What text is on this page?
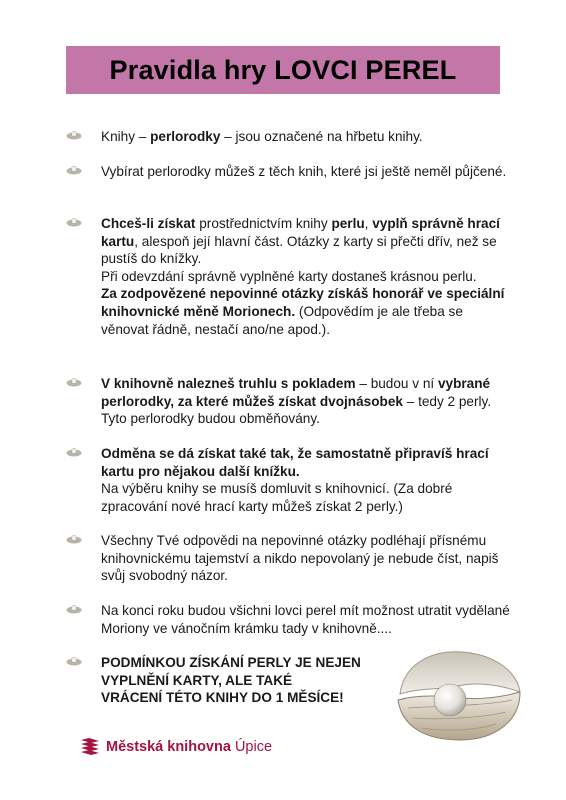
Pravidla hry LOVCI PEREL
Knihy – perlorodky – jsou označené na hřbetu knihy.
Vybírat perlorodky můžeš z těch knih, které jsi ještě neměl půjčené.
Chceš-li získat prostřednictvím knihy perlu, vyplň správně hrací kartu, alespoň její hlavní část. Otázky z karty si přečti dřív, než se pustíš do knížky.
Při odevzdání správně vyplněné karty dostaneš krásnou perlu.
Za zodpovězené nepovinné otázky získáš honorář ve speciální knihovnické měně Morionech. (Odpovědím je ale třeba se věnovat řádně, nestačí ano/ne apod.).
V knihovně nalezneš truhlu s pokladem – budou v ní vybrané perlorodky, za které můžeš získat dvojnásobek – tedy 2 perly. Tyto perlorodky budou obměňovány.
Odměna se dá získat také tak, že samostatně připravíš hrací kartu pro nějakou další knížku.
Na výběru knihy se musíš domluvit s knihovnicí. (Za dobré zpracování nové hrací karty můžeš získat 2 perly.)
Všechny Tvé odpovědi na nepovinné otázky podléhají přísnému knihovnickému tajemství a nikdo nepovolaný je nebude číst, napiš svůj svobodný názor.
Na konci roku budou všichni lovci perel mít možnost utratit vydělané Moriony ve vánočním krámku tady v knihovně....
PODMÍNKOU ZÍSKÁNÍ PERLY JE NEJEN
VYPLNĚNÍ KARTY, ALE TAKÉ
VRÁCENÍ TÉTO KNIHY DO 1 MĚSÍCE!
Městská knihovna Úpice
